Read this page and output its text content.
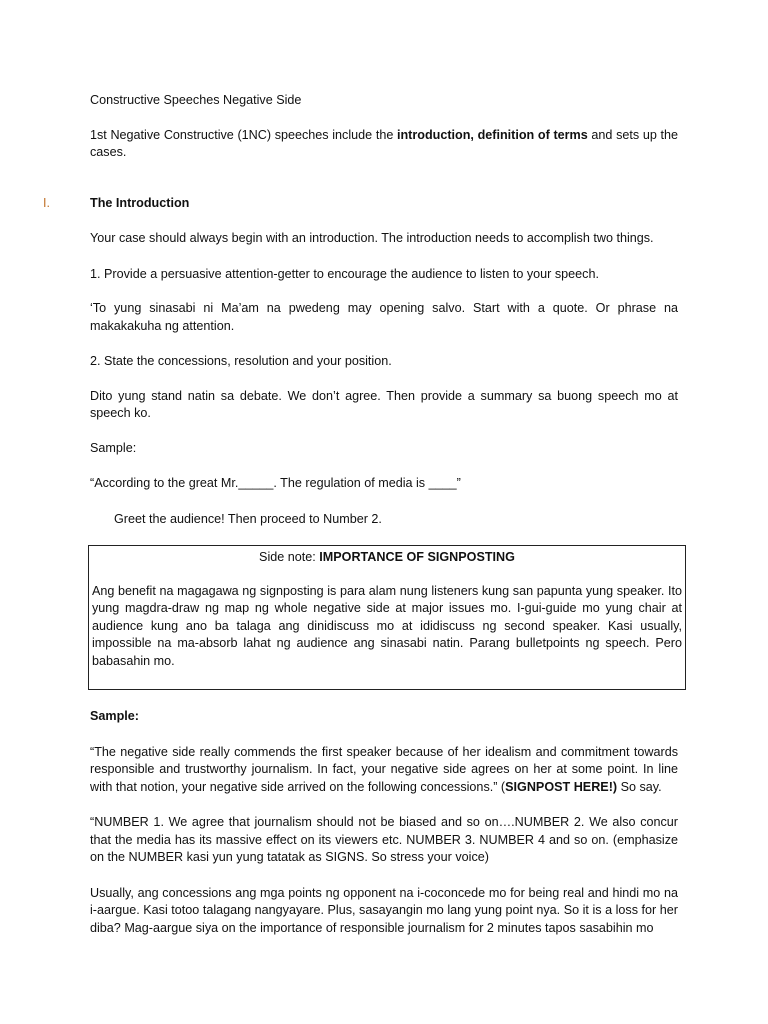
Constructive Speeches Negative Side

1st Negative Constructive (1NC) speeches include the introduction, definition of terms and sets up the cases.

I.	The Introduction

Your case should always begin with an introduction. The introduction needs to accomplish two things.

1. Provide a persuasive attention-getter to encourage the audience to listen to your speech.

‘To yung sinasabi ni Ma’am na pwedeng may opening salvo. Start with a quote. Or phrase na makakakuha ng attention.

2. State the concessions, resolution and your position.

Dito yung stand natin sa debate. We don’t agree. Then provide a summary sa buong speech mo at speech ko.

Sample:

“According to the great Mr._____. The regulation of media is ____”

Greet the audience! Then proceed to Number 2.

Side note: IMPORTANCE OF SIGNPOSTING

Ang benefit na magagawa ng signposting is para alam nung listeners kung san papunta yung speaker. Ito yung magdra-draw ng map ng whole negative side at major issues mo. I-gui-guide mo yung chair at audience kung ano ba talaga ang dinidiscuss mo at ididiscuss ng second speaker. Kasi usually, impossible na ma-absorb lahat ng audience ang sinasabi natin. Parang bulletpoints ng speech. Pero babasahin mo.

Sample:

“The negative side really commends the first speaker because of her idealism and commitment towards responsible and trustworthy journalism. In fact, your negative side agrees on her at some point. In line with that notion, your negative side arrived on the following concessions.” (SIGNPOST HERE!) So say.

“NUMBER 1. We agree that journalism should not be biased and so on….NUMBER 2. We also concur that the media has its massive effect on its viewers etc. NUMBER 3. NUMBER 4 and so on. (emphasize on the NUMBER kasi yun yung tatatak as SIGNS. So stress your voice)

Usually, ang concessions ang mga points ng opponent na i-coconcede mo for being real and hindi mo na i-aargue. Kasi totoo talagang nangyayare. Plus, sasayangin mo lang yung point nya. So it is a loss for her diba? Mag-aargue siya on the importance of responsible journalism for 2 minutes tapos sasabihin mo
